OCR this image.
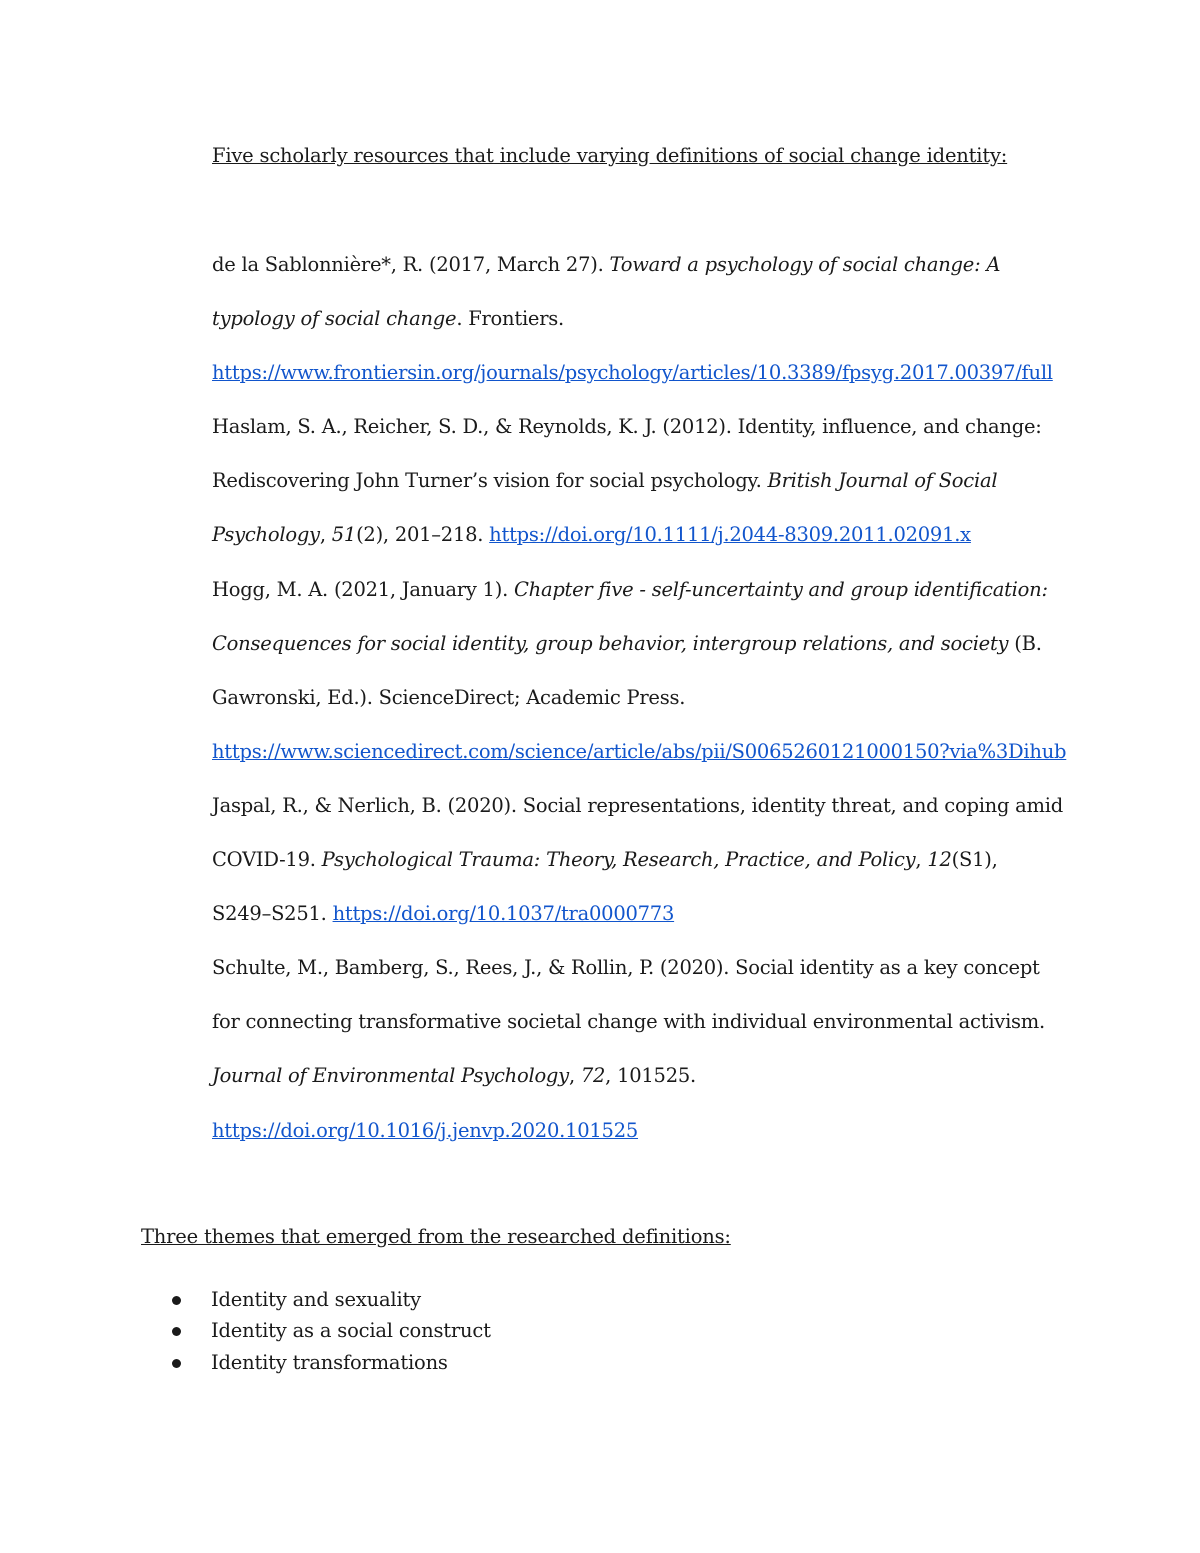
Five scholarly resources that include varying definitions of social change identity:
de la Sablonnière*, R. (2017, March 27). Toward a psychology of social change: A
typology of social change. Frontiers.
https://www.frontiersin.org/journals/psychology/articles/10.3389/fpsyg.2017.00397/full
Haslam, S. A., Reicher, S. D., & Reynolds, K. J. (2012). Identity, influence, and change:
Rediscovering John Turner’s vision for social psychology. British Journal of Social
Psychology, 51(2), 201–218. https://doi.org/10.1111/j.2044-8309.2011.02091.x
Hogg, M. A. (2021, January 1). Chapter five - self-uncertainty and group identification:
Consequences for social identity, group behavior, intergroup relations, and society (B.
Gawronski, Ed.). ScienceDirect; Academic Press.
https://www.sciencedirect.com/science/article/abs/pii/S0065260121000150?via%3Dihub
Jaspal, R., & Nerlich, B. (2020). Social representations, identity threat, and coping amid
COVID-19. Psychological Trauma: Theory, Research, Practice, and Policy, 12(S1),
S249–S251. https://doi.org/10.1037/tra0000773
Schulte, M., Bamberg, S., Rees, J., & Rollin, P. (2020). Social identity as a key concept
for connecting transformative societal change with individual environmental activism.
Journal of Environmental Psychology, 72, 101525.
https://doi.org/10.1016/j.jenvp.2020.101525
Three themes that emerged from the researched definitions:
Identity and sexuality
Identity as a social construct
Identity transformations
